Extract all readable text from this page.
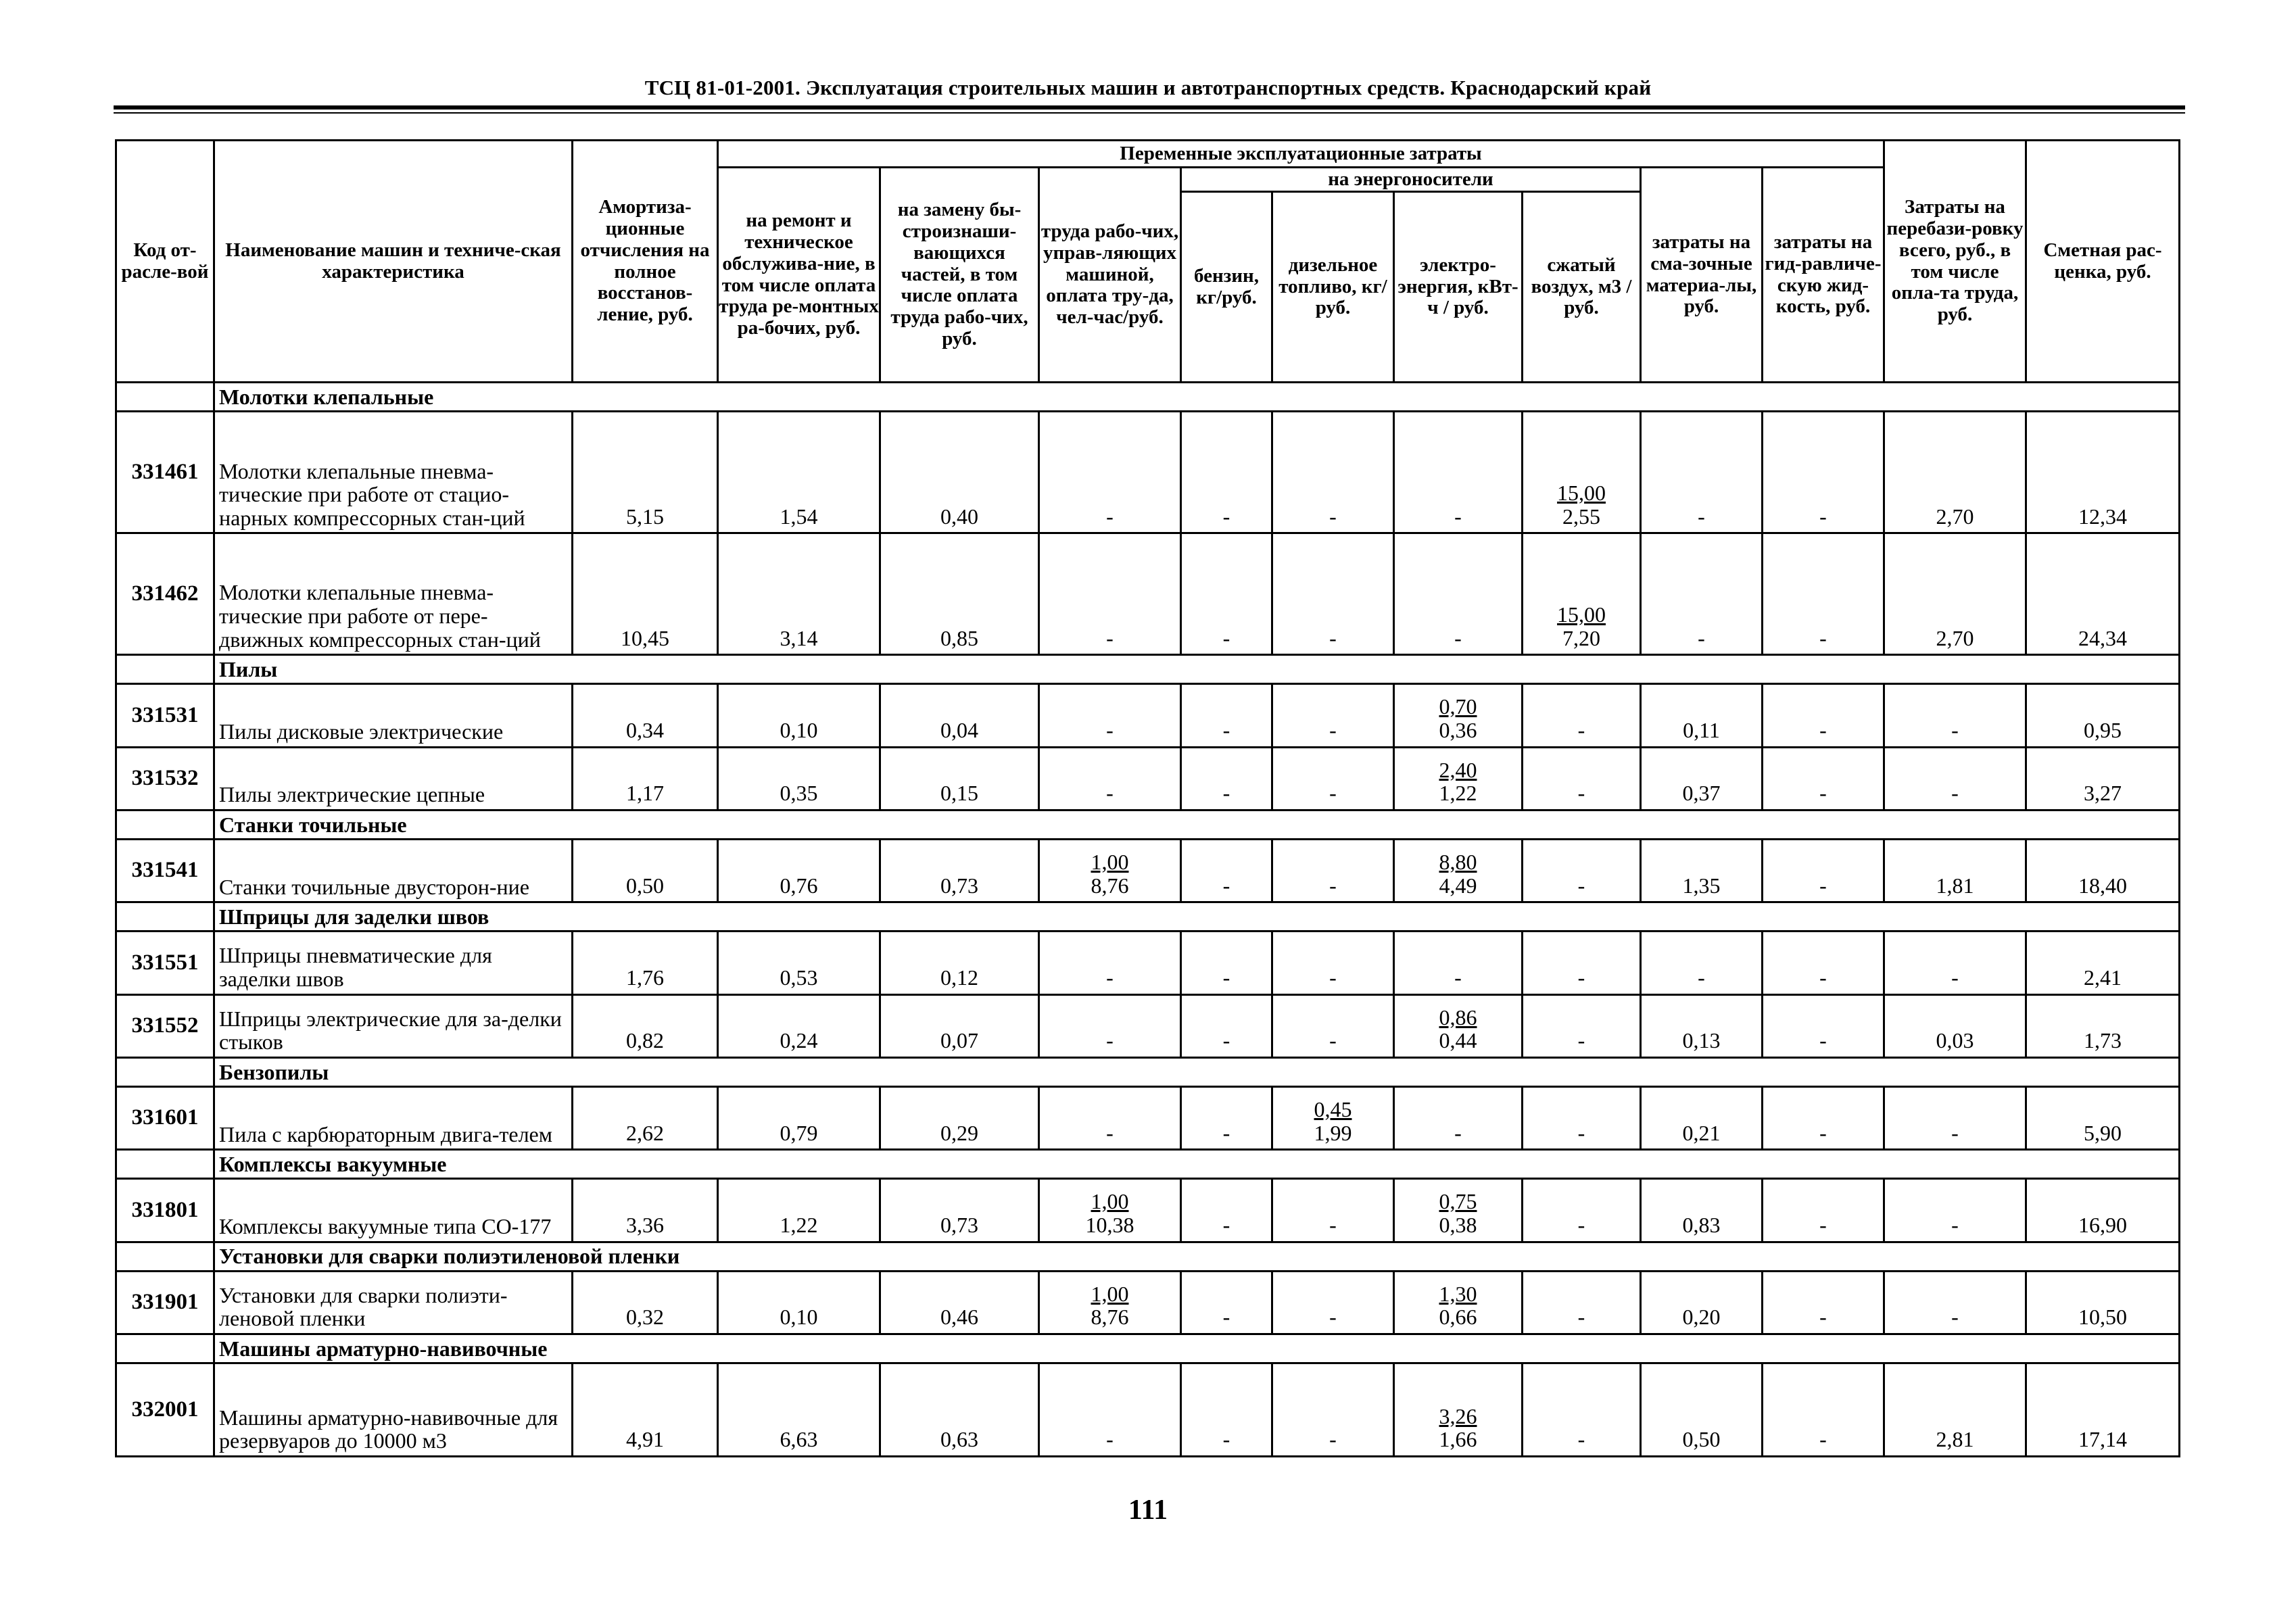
ТСЦ 81-01-2001. Эксплуатация строительных машин и автотранспортных средств. Краснодарский край
Код от-расле-вой	Наименование машин и техниче-ская характеристика	Амортиза-ционные отчисления на полное восстанов-ление, руб.	Переменные эксплуатационные затраты									Затраты на перебази-ровку всего, руб., в том числе опла-та труда, руб.	Сметная рас-ценка, руб.
			на ремонт и техническое обслужива-ние, в том числе оплата труда ре-монтных ра-бочих, руб.	на замену бы-строизнаши-вающихся частей, в том числе оплата труда рабо-чих, руб.	труда рабо-чих, управ-ляющих машиной, оплата тру-да, чел-час/руб.	на энергоносители				затраты на сма-зочные материа-лы, руб.	затраты на гид-равличе-скую жид-кость, руб.		
						бензин, кг/руб.	дизельное топливо, кг/руб.	электро-энергия, кВт-ч / руб.	сжатый воздух, м3 / руб.				
	Молотки клепальные												
331461	Молотки клепальные пневма-тические при работе от стацио-нарных компрессорных стан-ций	5,15	1,54	0,40	-	-	-	-	$\frac{15,00}{2,55}$	-	-	2,70	12,34
331462	Молотки клепальные пневма-тические при работе от пере-движных компрессорных стан-ций	10,45	3,14	0,85	-	-	-	-	$\frac{15,00}{7,20}$	-	-	2,70	24,34
	Пилы												
331531	Пилы дисковые электрические	0,34	0,10	0,04	-	-	-	$\frac{0,70}{0,36}$	-	0,11	-	-	0,95
331532	Пилы электрические цепные	1,17	0,35	0,15	-	-	-	$\frac{2,40}{1,22}$	-	0,37	-	-	3,27
	Станки точильные												
331541	Станки точильные двусторон-ние	0,50	0,76	0,73	$\frac{1,00}{8,76}$	-	-	$\frac{8,80}{4,49}$	-	1,35	-	1,81	18,40
	Шприцы для заделки швов												
331551	Шприцы пневматические для заделки швов	1,76	0,53	0,12	-	-	-	-	-	-	-	-	2,41
331552	Шприцы электрические для за-делки стыков	0,82	0,24	0,07	-	-	-	$\frac{0,86}{0,44}$	-	0,13	-	0,03	1,73
	Бензопилы												
331601	Пила с карбюраторным двига-телем	2,62	0,79	0,29	-	-	$\frac{0,45}{1,99}$	-	-	0,21	-	-	5,90
	Комплексы вакуумные												
331801	Комплексы вакуумные типа СО-177	3,36	1,22	0,73	$\frac{1,00}{10,38}$	-	-	$\frac{0,75}{0,38}$	-	0,83	-	-	16,90
	Установки для сварки полиэтиленовой пленки												
331901	Установки для сварки полиэти-леновой пленки	0,32	0,10	0,46	$\frac{1,00}{8,76}$	-	-	$\frac{1,30}{0,66}$	-	0,20	-	-	10,50
	Машины арматурно-навивочные												
332001	Машины арматурно-навивочные для резервуаров до 10000 м3	4,91	6,63	0,63	-	-	-	$\frac{3,26}{1,66}$	-	0,50	-	2,81	17,14
111
